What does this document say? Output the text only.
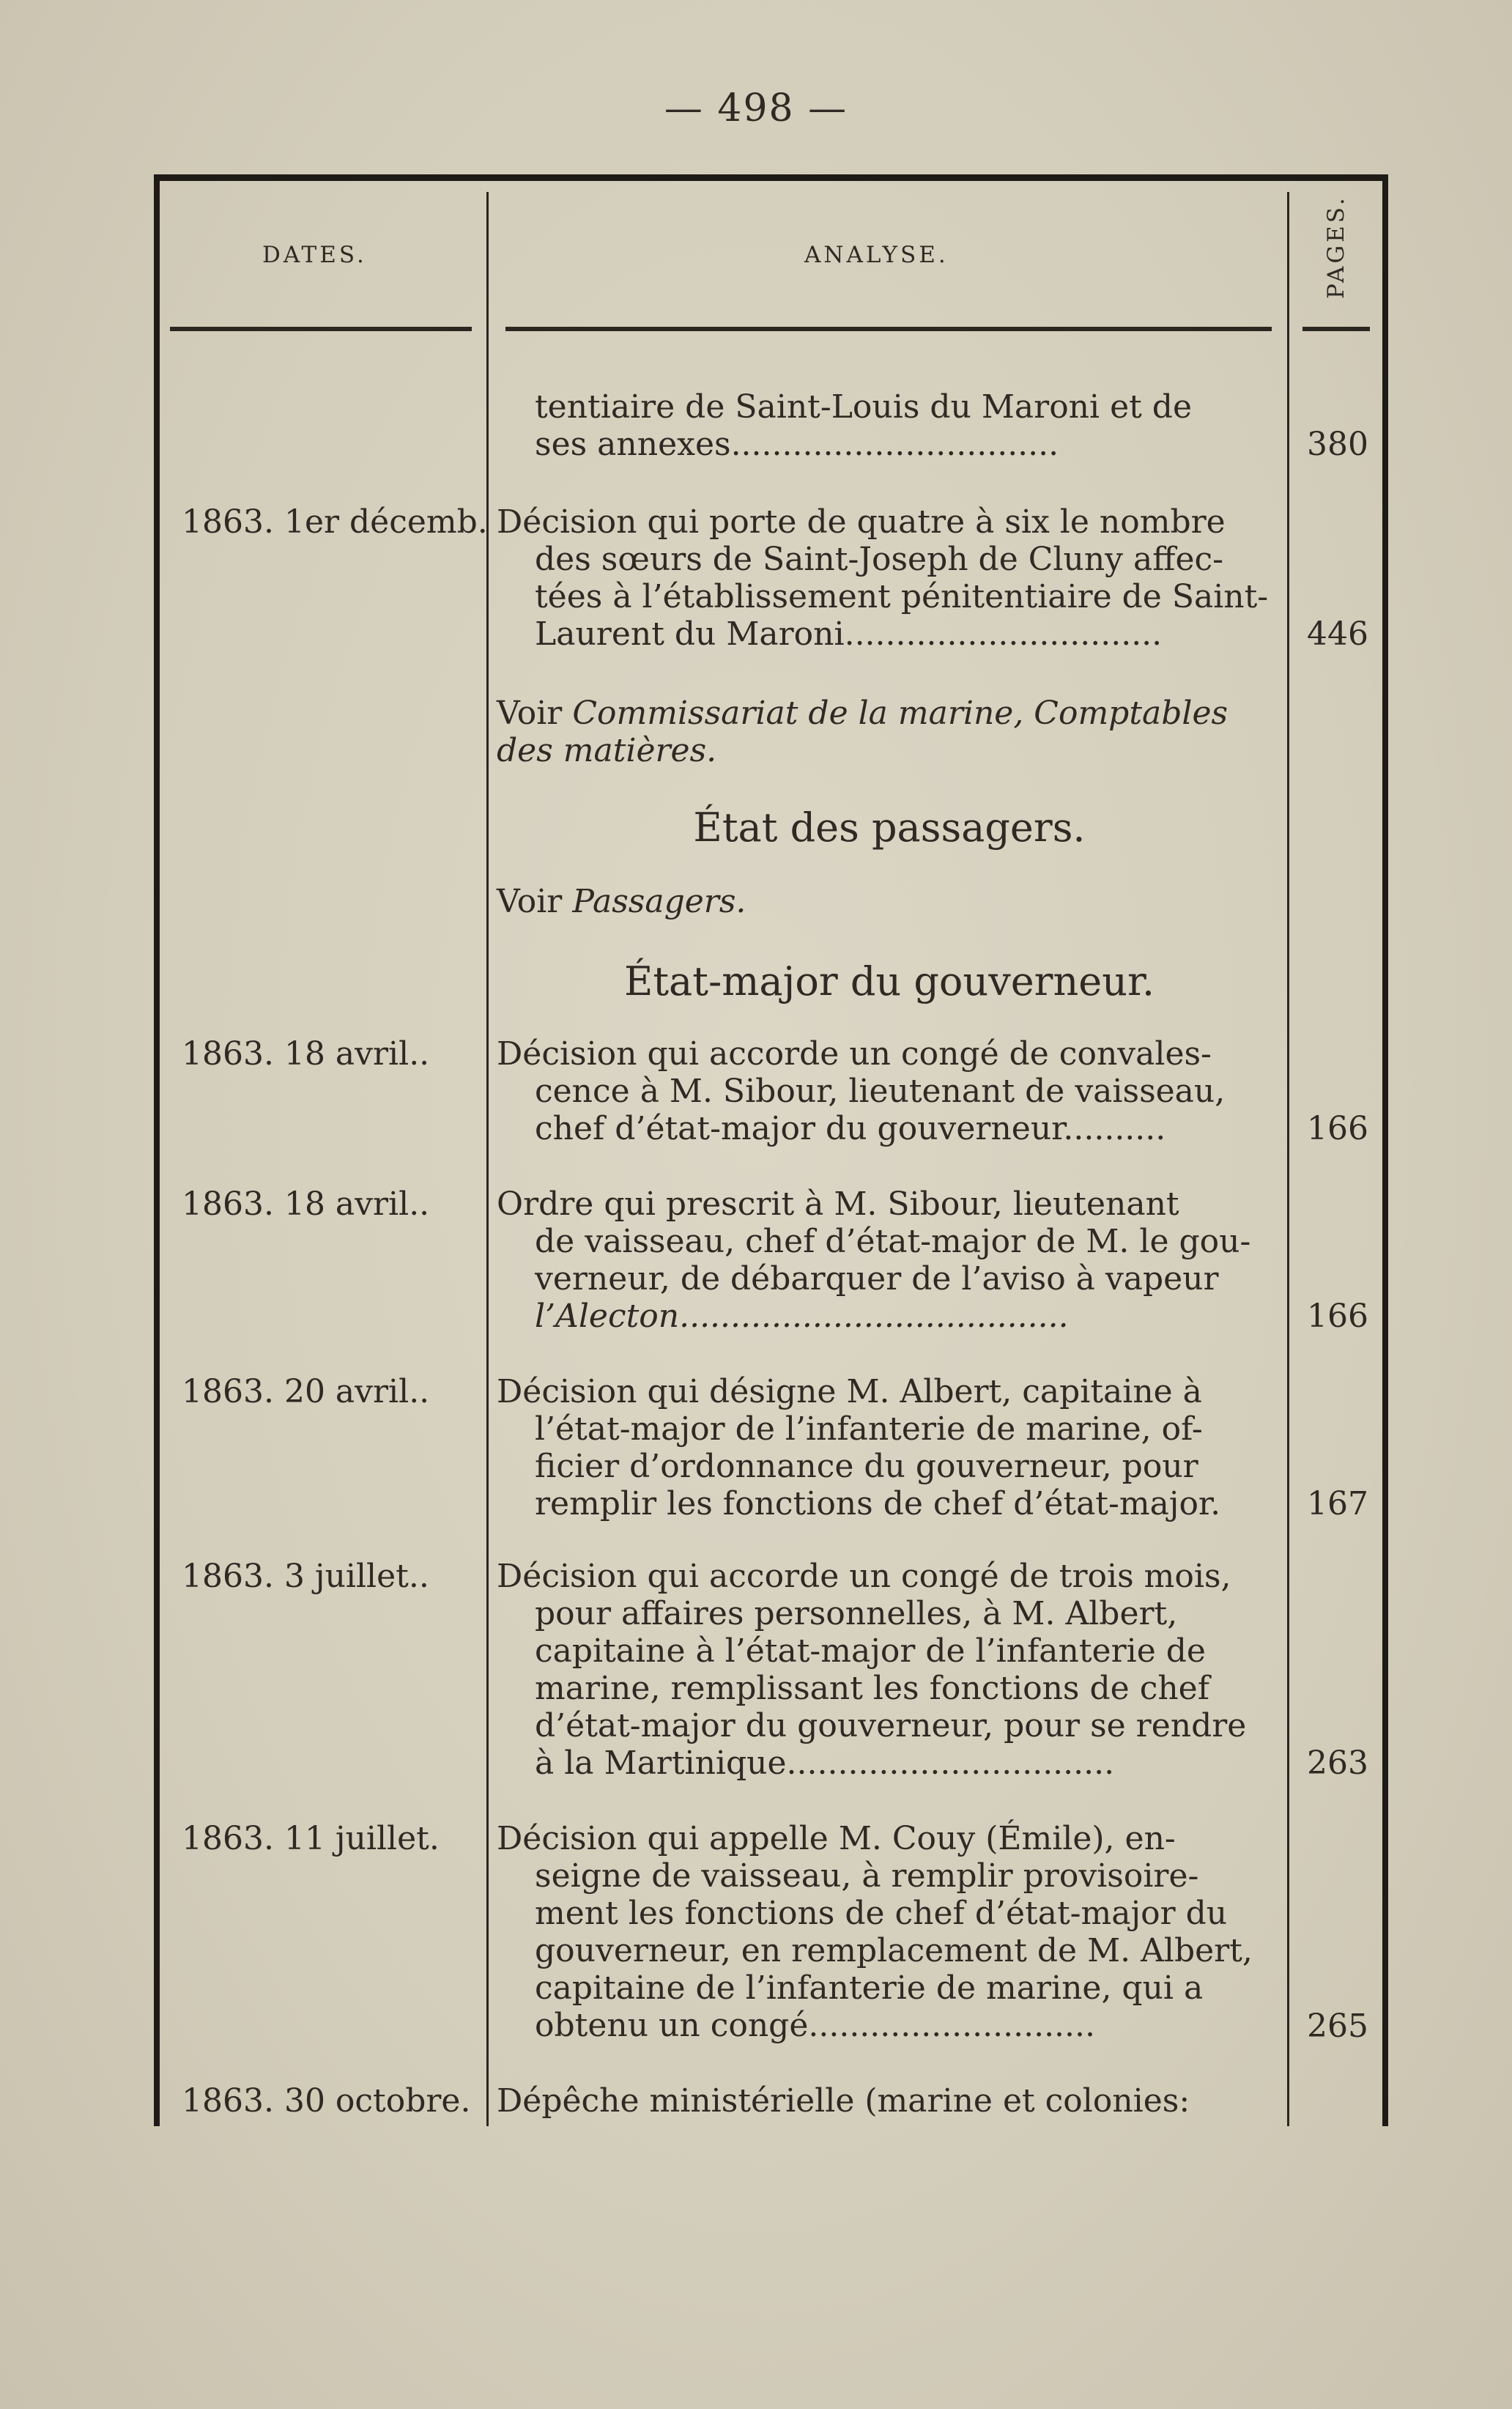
— 498 —
DATES.	ANALYSE.	PAGES.

tentiaire de Saint-Louis du Maroni et de

ses annexes................................	380
1863. 1er décemb. Décision qui porte de quatre à six le nombre

des sœurs de Saint-Joseph de Cluny affec-

tées à l’établissement pénitentiaire de Saint-

Laurent du Maroni...............................	446
Voir Commissariat de la marine, Comptables des matières.
État des passagers.
Voir Passagers.
État-major du gouverneur.
1863. 18 avril.. Décision qui accorde un congé de convales-

cence à M. Sibour, lieutenant de vaisseau,

chef d’état-major du gouverneur..........	166
1863. 18 avril.. Ordre qui prescrit à M. Sibour, lieutenant

de vaisseau, chef d’état-major de M. le gou-

verneur, de débarquer de l’aviso à vapeur

l’Alecton......................................	166
1863. 20 avril.. Décision qui désigne M. Albert, capitaine à

l’état-major de l’infanterie de marine, of-

ficier d’ordonnance du gouverneur, pour

remplir les fonctions de chef d’état-major.	167
1863. 3 juillet.. Décision qui accorde un congé de trois mois,

pour affaires personnelles, à M. Albert,

capitaine à l’état-major de l’infanterie de

marine, remplissant les fonctions de chef

d’état-major du gouverneur, pour se rendre

à la Martinique................................	263
1863. 11 juillet. Décision qui appelle M. Couy (Émile), en-

seigne de vaisseau, à remplir provisoire-

ment les fonctions de chef d’état-major du

gouverneur, en remplacement de M. Albert,

capitaine de l’infanterie de marine, qui a

obtenu un congé............................	265
1863. 30 octobre. Dépêche ministérielle (marine et colonies:
